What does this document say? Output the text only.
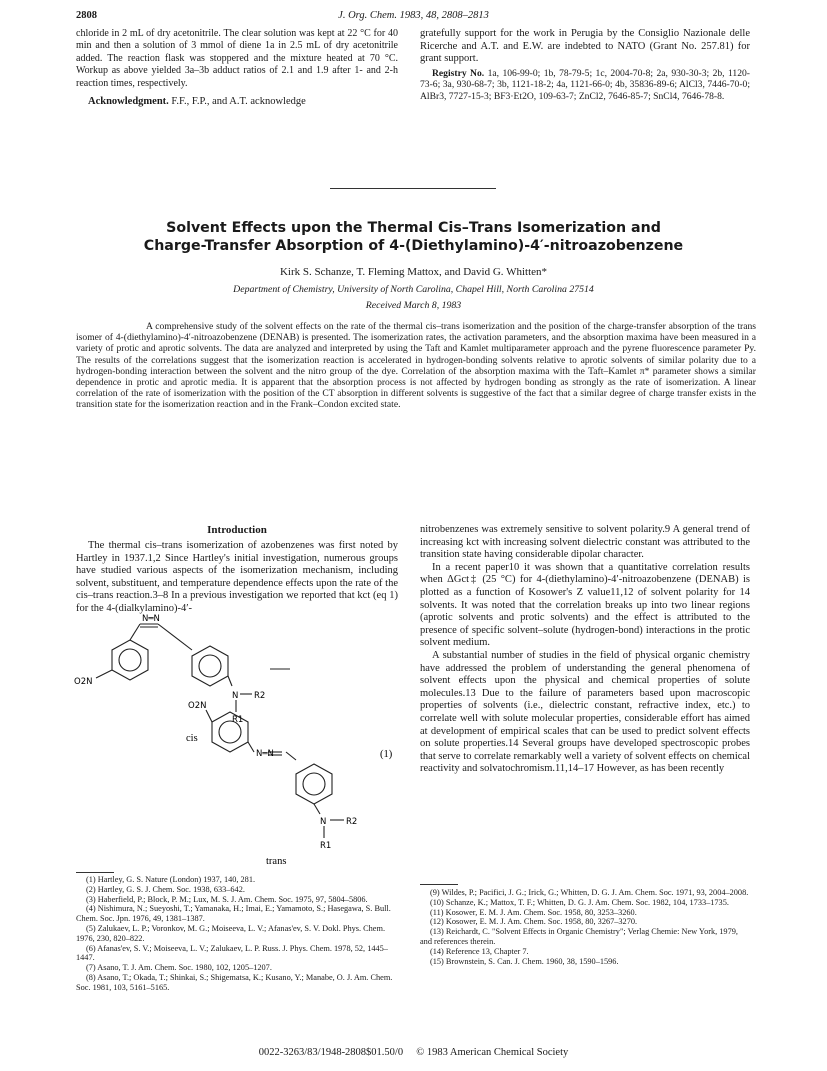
2808	J. Org. Chem. 1983, 48, 2808–2813

chloride in 2 mL of dry acetonitrile. The clear solution was kept at 22 °C for 40 min and then a solution of 3 mmol of diene 1a in 2.5 mL of dry acetonitrile added. The reaction flask was stoppered and the mixture heated at 70 °C. Workup as above yielded 3a–3b adduct ratios of 2.1 and 1.9 after 1- and 2-h reaction times, respectively.

Acknowledgment. F.F., F.P., and A.T. acknowledge

gratefully support for the work in Perugia by the Consiglio Nazionale delle Ricerche and A.T. and E.W. are indebted to NATO (Grant No. 257.81) for grant support.

Registry No. 1a, 106-99-0; 1b, 78-79-5; 1c, 2004-70-8; 2a, 930-30-3; 2b, 1120-73-6; 3a, 930-68-7; 3b, 1121-18-2; 4a, 1121-66-0; 4b, 35836-89-6; AlCl3, 7446-70-0; AlBr3, 7727-15-3; BF3·Et2O, 109-63-7; ZnCl2, 7646-85-7; SnCl4, 7646-78-8.

Solvent Effects upon the Thermal Cis–Trans Isomerization and
Charge-Transfer Absorption of 4-(Diethylamino)-4′-nitroazobenzene
Kirk S. Schanze, T. Fleming Mattox, and David G. Whitten*
Department of Chemistry, University of North Carolina, Chapel Hill, North Carolina 27514
Received March 8, 1983
A comprehensive study of the solvent effects on the rate of the thermal cis–trans isomerization and the position of the charge-transfer absorption of the trans isomer of 4-(diethylamino)-4′-nitroazobenzene (DENAB) is presented. The isomerization rates, the activation parameters, and the absorption maxima have been measured in a variety of protic and aprotic solvents. The data are analyzed and interpreted by using the Taft and Kamlet multiparameter approach and the pyrene fluorescence parameter Py. The results of the correlations suggest that the isomerization reaction is accelerated in hydrogen-bonding solvents relative to aprotic solvents of similar polarity due to a hydrogen-bonding interaction between the solvent and the nitro group of the dye. Correlation of the absorption maxima with the Taft–Kamlet π* parameter shows a similar dependence in protic and aprotic media. It is apparent that the absorption process is not affected by hydrogen bonding as strongly as the rate of isomerization. A linear correlation of the rate of isomerization with the position of the CT absorption in different solvents is suggestive of the fact that a similar degree of charge transfer exists in the transition state for the isomerization reaction and in the Frank–Condon excited state.
Introduction

The thermal cis–trans isomerization of azobenzenes was first noted by Hartley in 1937.1,2 Since Hartley's initial investigation, numerous groups have studied various aspects of the isomerization mechanism, including solvent, substituent, and temperature dependence effects upon the rate of the cis–trans reaction.3–8 In a previous investigation we reported that kct (eq 1) for the 4-(dialkylamino)-4′-

O2N
N═N
N R2
R1
cis
O2N
N═N
N R2
R1
(1)
trans

nitrobenzenes was extremely sensitive to solvent polarity.9 A general trend of increasing kct with increasing solvent dielectric constant was attributed to the transition state having considerable dipolar character.

In a recent paper10 it was shown that a quantitative correlation results when ΔGct‡ (25 °C) for 4-(diethylamino)-4′-nitroazobenzene (DENAB) is plotted as a function of Kosower's Z value11,12 of solvent polarity for 14 solvents. It was noted that the correlation breaks up into two linear regions (aprotic solvents and protic solvents) and the effect is attributed to the presence of specific solvent–solute (hydrogen-bond) interactions in the protic solvent medium.

A substantial number of studies in the field of physical organic chemistry have addressed the problem of understanding the general phenomena of solvent effects upon the physical and chemical properties of solute molecules.13 Due to the failure of parameters based upon macroscopic properties of solvents (i.e., dielectric constant, refractive index, etc.) to correlate well with solute molecular properties, considerable effort has aimed at development of empirical scales that can be used to predict solvent effects on solute properties.14 Several groups have developed spectroscopic probes that serve to correlate remarkably well a variety of solvent effects on chemical reactivity and solvatochromism.11,14–17 However, as has been recently

(1) Hartley, G. S. Nature (London) 1937, 140, 281.

(2) Hartley, G. S. J. Chem. Soc. 1938, 633–642.

(3) Haberfield, P.; Block, P. M.; Lux, M. S. J. Am. Chem. Soc. 1975, 97, 5804–5806.

(4) Nishimura, N.; Sueyoshi, T.; Yamanaka, H.; Imai, E.; Yamamoto, S.; Hasegawa, S. Bull. Chem. Soc. Jpn. 1976, 49, 1381–1387.

(5) Zalukaev, L. P.; Voronkov, M. G.; Moiseeva, L. V.; Afanas'ev, S. V. Dokl. Phys. Chem. 1976, 230, 820–822.

(6) Afanas'ev, S. V.; Moiseeva, L. V.; Zalukaev, L. P. Russ. J. Phys. Chem. 1978, 52, 1445–1447.

(7) Asano, T. J. Am. Chem. Soc. 1980, 102, 1205–1207.

(8) Asano, T.; Okada, T.; Shinkai, S.; Shigematsa, K.; Kusano, Y.; Manabe, O. J. Am. Chem. Soc. 1981, 103, 5161–5165.

(9) Wildes, P.; Pacifici, J. G.; Irick, G.; Whitten, D. G. J. Am. Chem. Soc. 1971, 93, 2004–2008.

(10) Schanze, K.; Mattox, T. F.; Whitten, D. G. J. Am. Chem. Soc. 1982, 104, 1733–1735.

(11) Kosower, E. M. J. Am. Chem. Soc. 1958, 80, 3253–3260.

(12) Kosower, E. M. J. Am. Chem. Soc. 1958, 80, 3267–3270.

(13) Reichardt, C. "Solvent Effects in Organic Chemistry"; Verlag Chemie: New York, 1979, and references therein.

(14) Reference 13, Chapter 7.

(15) Brownstein, S. Can. J. Chem. 1960, 38, 1590–1596.

0022-3263/83/1948-2808$01.50/0 © 1983 American Chemical Society
